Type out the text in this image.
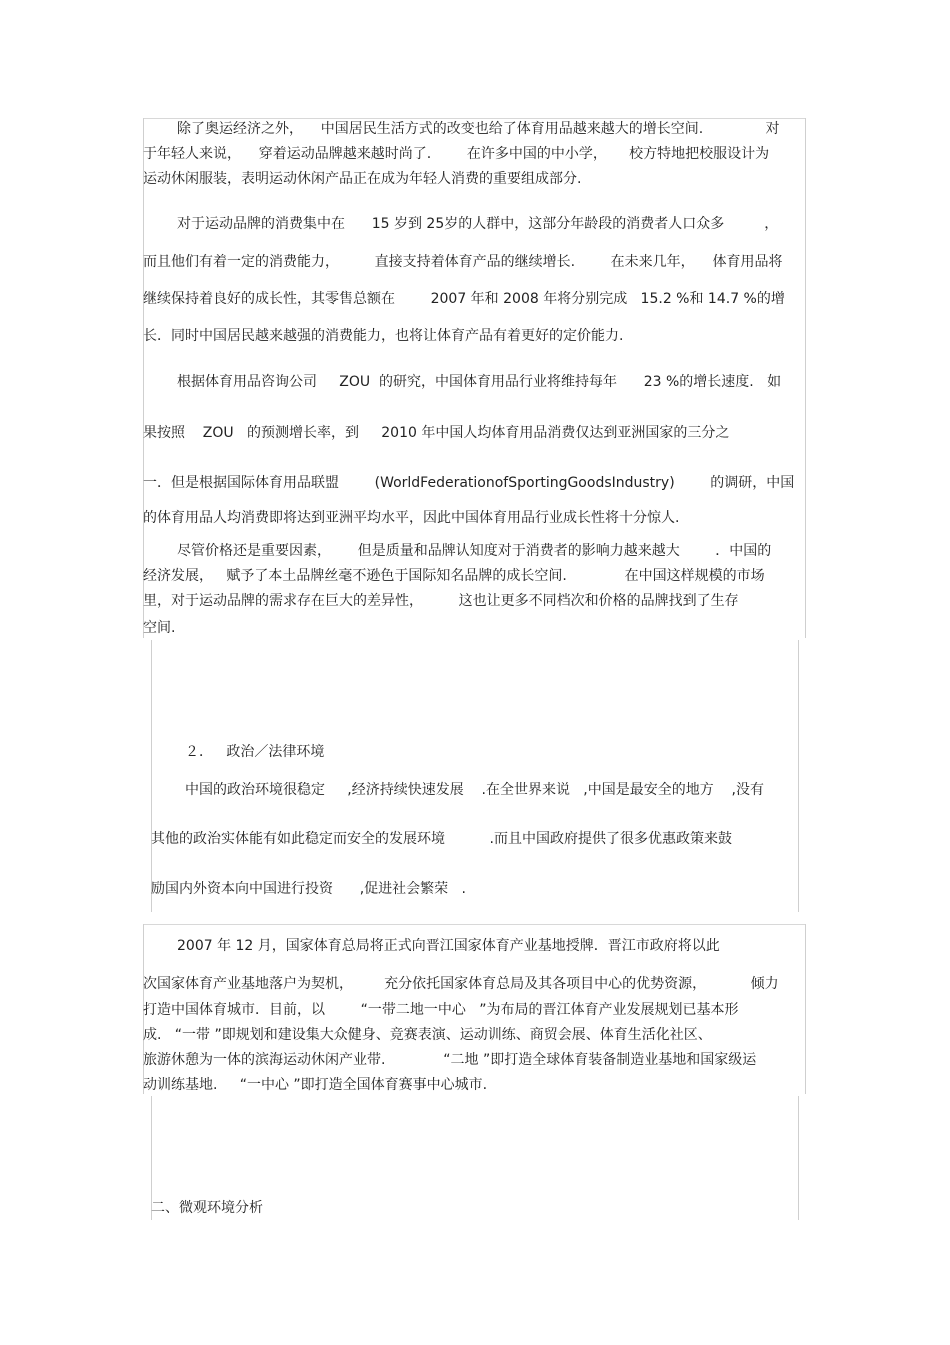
除了奥运经济之外，    中国居民生活方式的改变也给了体育用品越来越大的增长空间.              对
于年轻人来说，    穿着运动品牌越来越时尚了.        在许多中国的中小学，     校方特地把校服设计为
运动休闲服装，表明运动休闲产品正在成为年轻人消费的重要组成部分.
对于运动品牌的消费集中在      15 岁到 25岁的人群中，这部分年龄段的消费者人口众多         ，
而且他们有着一定的消费能力，        直接支持着体育产品的继续增长.        在未来几年，    体育用品将
继续保持着良好的成长性，其零售总额在        2007 年和 2008 年将分别完成   15.2 %和 14.7 %的增
长．同时中国居民越来越强的消费能力，也将让体育产品有着更好的定价能力.
根据体育用品咨询公司     ZOU  的研究，中国体育用品行业将维持每年      23 %的增长速度.   如
果按照    ZOU   的预测增长率，到     2010 年中国人均体育用品消费仅达到亚洲国家的三分之
一．但是根据国际体育用品联盟        (WorldFederationofSportingGoodsIndustry)        的调研，中国
的体育用品人均消费即将达到亚洲平均水平，因此中国体育用品行业成长性将十分惊人.
尽管价格还是重要因素，      但是质量和品牌认知度对于消费者的影响力越来越大        ．中国的
经济发展，   赋予了本土品牌丝毫不逊色于国际知名品牌的成长空间.             在中国这样规模的市场
里，对于运动品牌的需求存在巨大的差异性，        这也让更多不同档次和价格的品牌找到了生存
空间.
２．   政治／法律环境
中国的政治环境很稳定     ,经济持续快速发展    .在全世界来说   ,中国是最安全的地方    ,没有
其他的政治实体能有如此稳定而安全的发展环境          .而且中国政府提供了很多优惠政策来鼓
励国内外资本向中国进行投资      ,促进社会繁荣   .
2007 年 12 月，国家体育总局将正式向晋江国家体育产业基地授牌．晋江市政府将以此
次国家体育产业基地落户为契机，       充分依托国家体育总局及其各项目中心的优势资源，          倾力
打造中国体育城市．目前，以        “一带二地一中心   ”为布局的晋江体育产业发展规划已基本形
成.   “一带 ”即规划和建设集大众健身、竞赛表演、运动训练、商贸会展、体育生活化社区、
旅游休憩为一体的滨海运动休闲产业带.             “二地 ”即打造全球体育装备制造业基地和国家级运
动训练基地.     “一中心 ”即打造全国体育赛事中心城市.
二、微观环境分析
